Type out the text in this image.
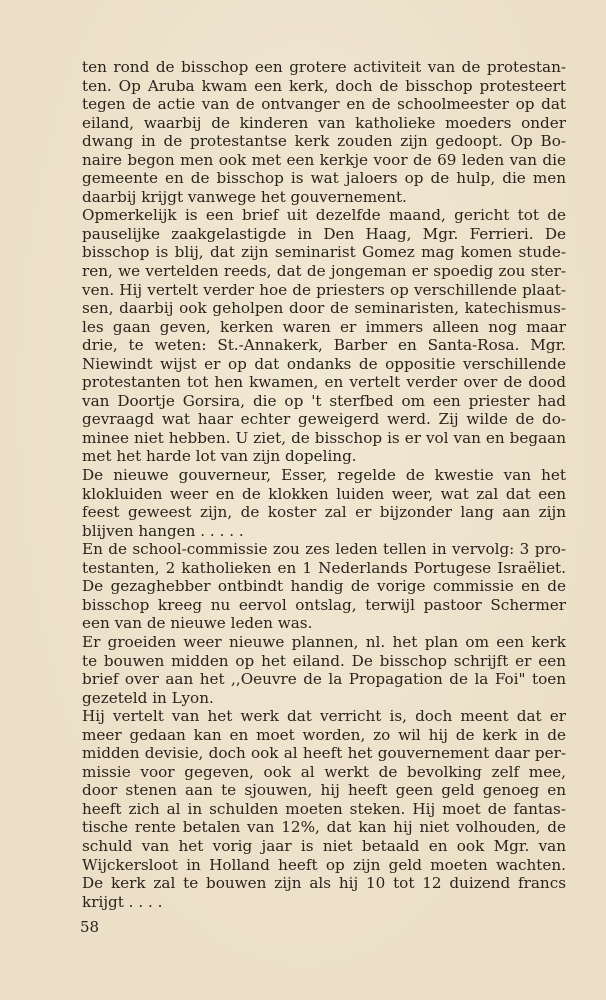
ten rond de bisschop een grotere activiteit van de protestan-
ten. Op Aruba kwam een kerk, doch de bisschop protesteert
tegen de actie van de ontvanger en de schoolmeester op dat
eiland, waarbij de kinderen van katholieke moeders onder
dwang in de protestantse kerk zouden zijn gedoopt. Op Bo-
naire begon men ook met een kerkje voor de 69 leden van die
gemeente en de bisschop is wat jaloers op de hulp, die men
daarbij krijgt vanwege het gouvernement.
Opmerkelijk is een brief uit dezelfde maand, gericht tot de
pauselijke zaakgelastigde in Den Haag, Mgr. Ferrieri. De
bisschop is blij, dat zijn seminarist Gomez mag komen stude-
ren, we vertelden reeds, dat de jongeman er spoedig zou ster-
ven. Hij vertelt verder hoe de priesters op verschillende plaat-
sen, daarbij ook geholpen door de seminaristen, katechismus-
les gaan geven, kerken waren er immers alleen nog maar
drie, te weten: St.-Annakerk, Barber en Santa-Rosa. Mgr.
Niewindt wijst er op dat ondanks de oppositie verschillende
protestanten tot hen kwamen, en vertelt verder over de dood
van Doortje Gorsira, die op 't sterfbed om een priester had
gevraagd wat haar echter geweigerd werd. Zij wilde de do-
minee niet hebben. U ziet, de bisschop is er vol van en begaan
met het harde lot van zijn dopeling.
De nieuwe gouverneur, Esser, regelde de kwestie van het
klokluiden weer en de klokken luiden weer, wat zal dat een
feest geweest zijn, de koster zal er bijzonder lang aan zijn
blijven hangen . . . . .
En de school-commissie zou zes leden tellen in vervolg: 3 pro-
testanten, 2 katholieken en 1 Nederlands Portugese Israëliet.
De gezaghebber ontbindt handig de vorige commissie en de
bisschop kreeg nu eervol ontslag, terwijl pastoor Schermer
een van de nieuwe leden was.
Er groeiden weer nieuwe plannen, nl. het plan om een kerk
te bouwen midden op het eiland. De bisschop schrijft er een
brief over aan het ,,Oeuvre de la Propagation de la Foi" toen
gezeteld in Lyon.
Hij vertelt van het werk dat verricht is, doch meent dat er
meer gedaan kan en moet worden, zo wil hij de kerk in de
midden devisie, doch ook al heeft het gouvernement daar per-
missie voor gegeven, ook al werkt de bevolking zelf mee,
door stenen aan te sjouwen, hij heeft geen geld genoeg en
heeft zich al in schulden moeten steken. Hij moet de fantas-
tische rente betalen van 12%, dat kan hij niet volhouden, de
schuld van het vorig jaar is niet betaald en ook Mgr. van
Wijckersloot in Holland heeft op zijn geld moeten wachten.
De kerk zal te bouwen zijn als hij 10 tot 12 duizend francs
krijgt . . . .
58
